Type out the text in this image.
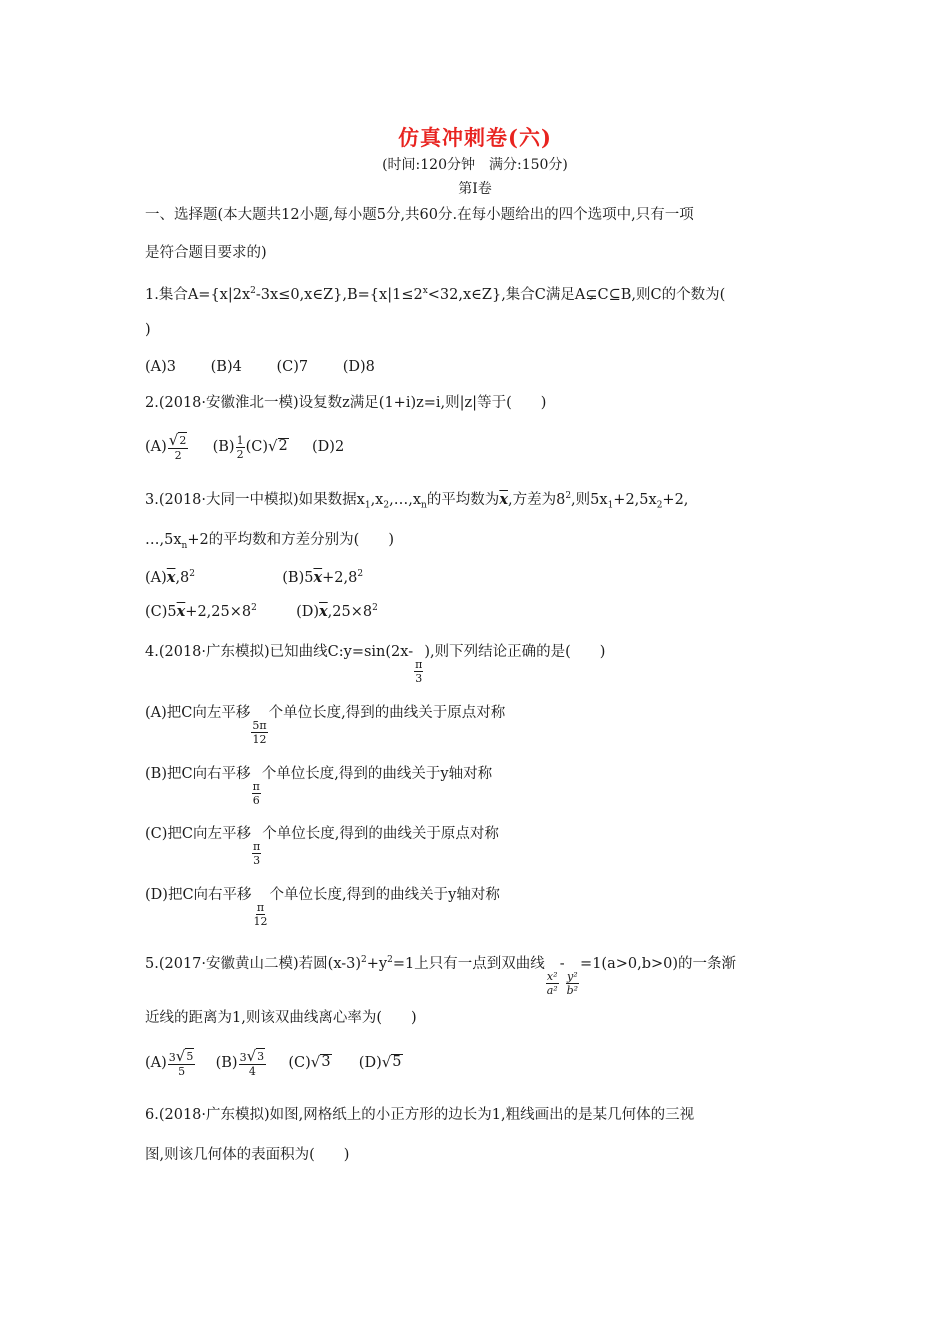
仿真冲刺卷(六)
(时间:120分钟　满分:150分)
第Ⅰ卷
一、选择题(本大题共12小题,每小题5分,共60分.在每小题给出的四个选项中,只有一项
是符合题目要求的)
1.集合$A=\{x|2x^2-3x\le 0,x\in Z\},B=\{x|1\le 2^x<32,x\in Z\}$,集合C满足A⊊C⊆B,则C的个数为(
)
(A)3 (B)4 (C)7 (D)8
2.(2018·安徽淮北一模)设复数z满足(1+i)z=i,则|z|等于(　　)
$(A) \frac{√ 2}{2} (B) \frac{1}{2} (C)$ √ 2 (D)2
3.(2018·大同一中模拟)如果数据$x_1,x_2,\dots,x_n$的平均数为$\overline{x}$,方差为$8^2$,则$5x_1+2,5x_2+2$,
$\dots,5x_n+2$的平均数和方差分别为(　　)
$(A)\overline{x},8^2$	$(B)5\overline{x}+2,8^2$
$(C)5\overline{x}+2,25\times 8^2$	$(D)\overline{x},25\times 8^2$
4.(2018·广东模拟)已知曲线C:y=sin(2x-
$\frac{\pi}{3}$
),则下列结论正确的是(　　)
(A)把C向左平移
$\frac{5\pi}{12}$
个单位长度,得到的曲线关于原点对称
(B)把C向右平移
$\frac{\pi}{6}$
个单位长度,得到的曲线关于y轴对称
(C)把C向左平移
$\frac{\pi}{3}$
个单位长度,得到的曲线关于原点对称
(D)把C向右平移
$\frac{\pi}{12}$
个单位长度,得到的曲线关于y轴对称
5.(2017·安徽黄山二模)若圆$(x-3)^2+y^2=1$上只有一点到双曲线
$\frac{\text{x²}}{\text{a²}}$
-
$\frac{\text{y²}}{\text{b²}}$
=1(a>0,b>0)的一条渐
近线的距离为1,则该双曲线离心率为(　　)
$(A) \frac{3 √ 5}{5} (B) \frac{3 √ 3}{4} (C)$ √ 3 (D) √ 5
6.(2018·广东模拟)如图,网格纸上的小正方形的边长为1,粗线画出的是某几何体的三视
图,则该几何体的表面积为(　　)
